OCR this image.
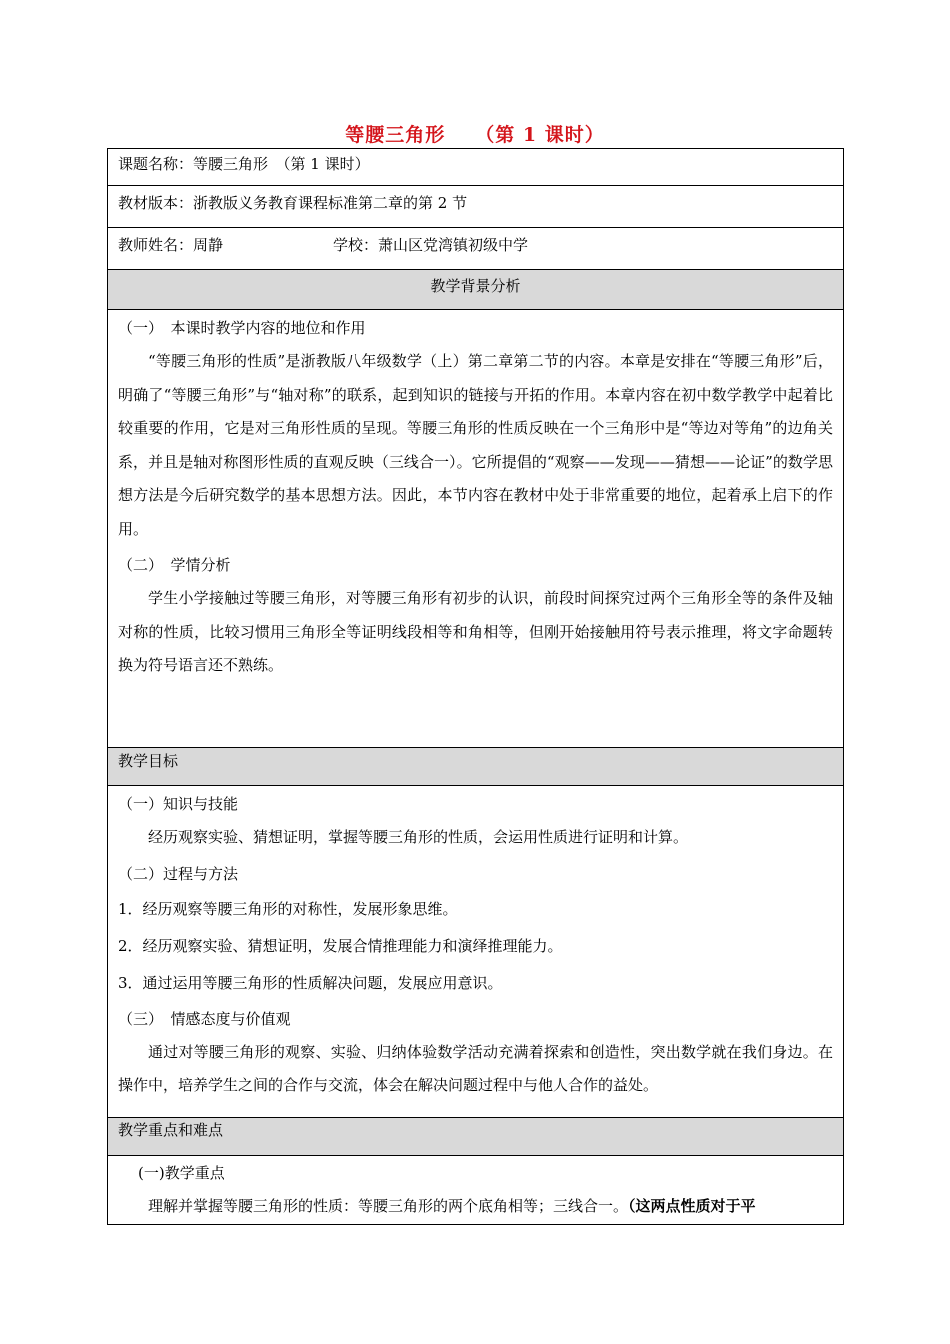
等腰三角形 （第 1 课时）
课题名称：等腰三角形　（第 1 课时）
教材版本：浙教版义务教育课程标准第二章的第 2 节
教师姓名：周静	学校：萧山区党湾镇初级中学
教学背景分析

（一）　本课时教学内容的地位和作用

“等腰三角形的性质”是浙教版八年级数学（上）第二章第二节的内容。本章是安排在“等腰三角形”后，明确了“等腰三角形”与“轴对称”的联系，起到知识的链接与开拓的作用。本章内容在初中数学教学中起着比较重要的作用，它是对三角形性质的呈现。等腰三角形的性质反映在一个三角形中是“等边对等角”的边角关系，并且是轴对称图形性质的直观反映（三线合一）。它所提倡的“观察——发现——猜想——论证”的数学思想方法是今后研究数学的基本思想方法。因此，本节内容在教材中处于非常重要的地位，起着承上启下的作用。

（二）　学情分析

学生小学接触过等腰三角形，对等腰三角形有初步的认识，前段时间探究过两个三角形全等的条件及轴对称的性质，比较习惯用三角形全等证明线段相等和角相等，但刚开始接触用符号表示推理，将文字命题转换为符号语言还不熟练。

教学目标

（一）知识与技能

经历观察实验、猜想证明，掌握等腰三角形的性质，会运用性质进行证明和计算。

（二）过程与方法

1．经历观察等腰三角形的对称性，发展形象思维。

2．经历观察实验、猜想证明，发展合情推理能力和演绎推理能力。

3．通过运用等腰三角形的性质解决问题，发展应用意识。

（三）　情感态度与价值观

通过对等腰三角形的观察、实验、归纳体验数学活动充满着探索和创造性，突出数学就在我们身边。在操作中，培养学生之间的合作与交流，体会在解决问题过程中与他人合作的益处。

教学重点和难点

(一)教学重点

理解并掌握等腰三角形的性质：等腰三角形的两个底角相等；三线合一。（这两点性质对于平
